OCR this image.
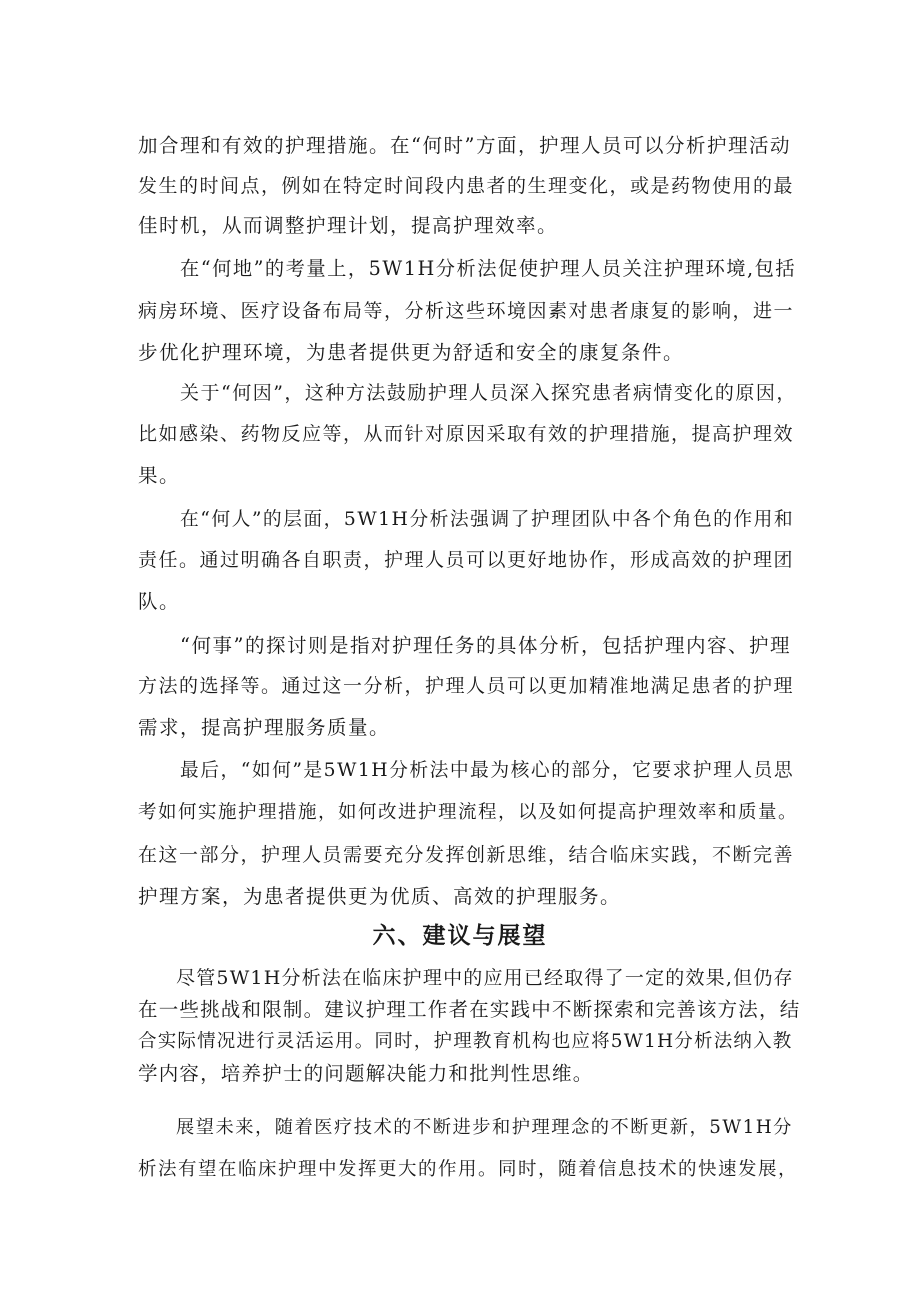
加合理和有效的护理措施。在“何时”方面，护理人员可以分析护理活动
发生的时间点，例如在特定时间段内患者的生理变化，或是药物使用的最
佳时机，从而调整护理计划，提高护理效率。
在“何地”的考量上，5W1H分析法促使护理人员关注护理环境,包括
病房环境、医疗设备布局等，分析这些环境因素对患者康复的影响，进一
步优化护理环境，为患者提供更为舒适和安全的康复条件。
关于“何因”，这种方法鼓励护理人员深入探究患者病情变化的原因，
比如感染、药物反应等，从而针对原因采取有效的护理措施，提高护理效
果。
在“何人”的层面，5W1H分析法强调了护理团队中各个角色的作用和
责任。通过明确各自职责，护理人员可以更好地协作，形成高效的护理团
队。
“何事”的探讨则是指对护理任务的具体分析，包括护理内容、护理
方法的选择等。通过这一分析，护理人员可以更加精准地满足患者的护理
需求，提高护理服务质量。
最后，“如何”是5W1H分析法中最为核心的部分，它要求护理人员思
考如何实施护理措施，如何改进护理流程，以及如何提高护理效率和质量。
在这一部分，护理人员需要充分发挥创新思维，结合临床实践，不断完善
护理方案，为患者提供更为优质、高效的护理服务。
六、建议与展望
尽管5W1H分析法在临床护理中的应用已经取得了一定的效果,但仍存
在一些挑战和限制。建议护理工作者在实践中不断探索和完善该方法，结
合实际情况进行灵活运用。同时，护理教育机构也应将5W1H分析法纳入教
学内容，培养护士的问题解决能力和批判性思维。
展望未来，随着医疗技术的不断进步和护理理念的不断更新，5W1H分
析法有望在临床护理中发挥更大的作用。同时，随着信息技术的快速发展，
